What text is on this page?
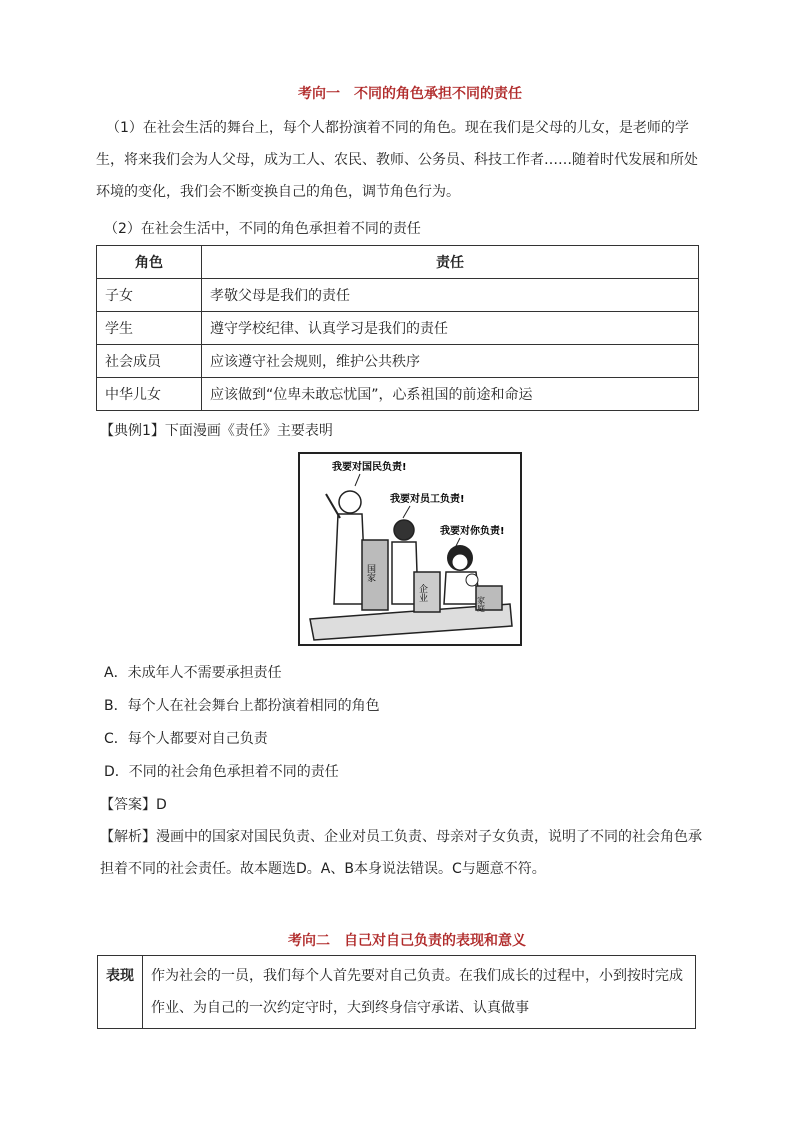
考向一　不同的角色承担不同的责任
（1）在社会生活的舞台上，每个人都扮演着不同的角色。现在我们是父母的儿女，是老师的学生，将来我们会为人父母，成为工人、农民、教师、公务员、科技工作者……随着时代发展和所处环境的变化，我们会不断变换自己的角色，调节角色行为。
（2）在社会生活中，不同的角色承担着不同的责任
角色	责任
子女	孝敬父母是我们的责任
学生	遵守学校纪律、认真学习是我们的责任
社会成员	应该遵守社会规则，维护公共秩序
中华儿女	应该做到“位卑未敢忘忧国”，心系祖国的前途和命运
【典例1】下面漫画《责任》主要表明
我要对国民负责!
我要对员工负责!
我要对你负责!
国家
企业
家庭
A．未成年人不需要承担责任
B．每个人在社会舞台上都扮演着相同的角色
C．每个人都要对自己负责
D．不同的社会角色承担着不同的责任
【答案】D
【解析】漫画中的国家对国民负责、企业对员工负责、母亲对子女负责，说明了不同的社会角色承担着不同的社会责任。故本题选D。A、B本身说法错误。C与题意不符。
考向二　自己对自己负责的表现和意义
表现	作为社会的一员，我们每个人首先要对自己负责。在我们成长的过程中，小到按时完成作业、为自己的一次约定守时，大到终身信守承诺、认真做事
